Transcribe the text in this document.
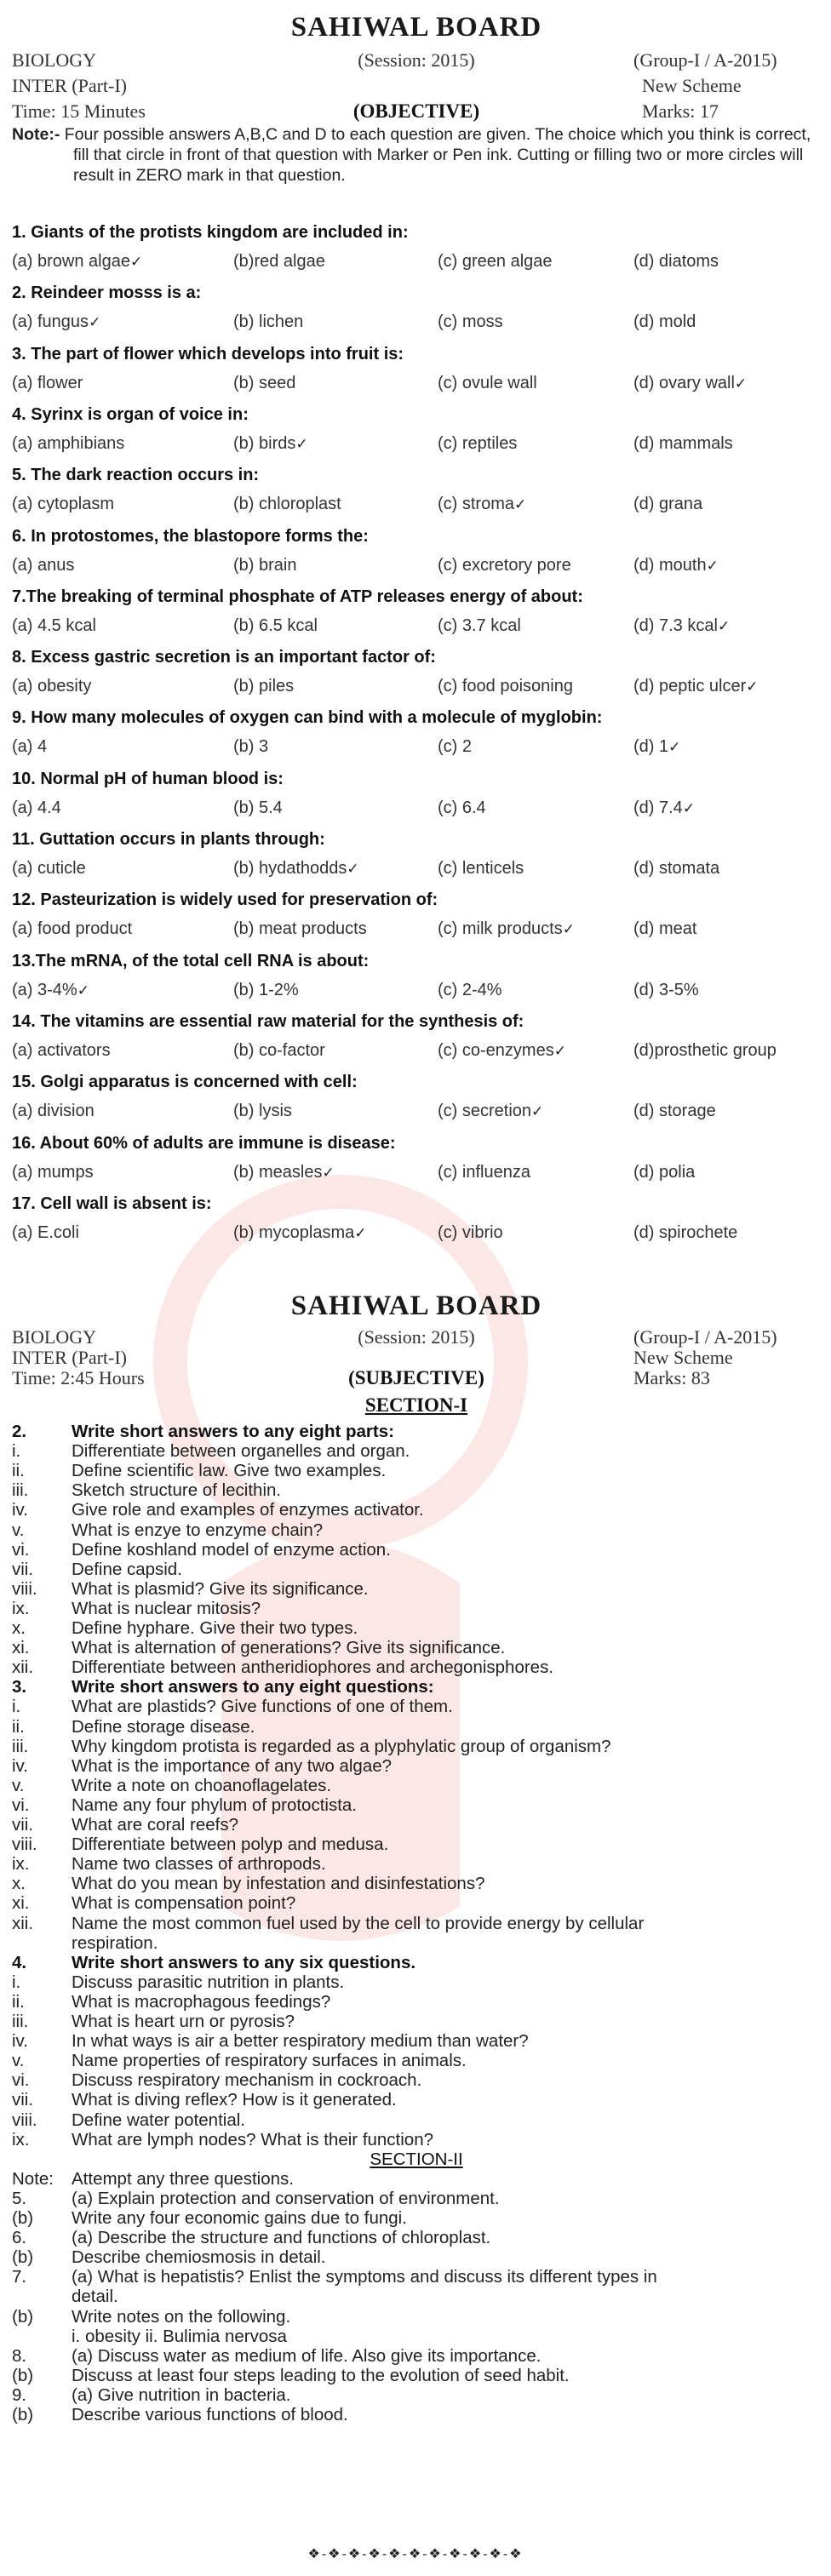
SAHIWAL BOARD
BIOLOGY	(Session: 2015)	(Group-I / A-2015)
INTER (Part-I)	New Scheme
Time: 15 Minutes	(OBJECTIVE)	Marks: 17
Note:- Four possible answers A,B,C and D to each question are given. The choice which you think is correct, fill that circle in front of that question with Marker or Pen ink. Cutting or filling two or more circles will result in ZERO mark in that question.
1. Giants of the protists kingdom are included in:
(a) brown algae✓	(b)red algae	(c) green algae	(d) diatoms
2. Reindeer mosss is a:
(a) fungus✓	(b) lichen	(c) moss	(d) mold
3. The part of flower which develops into fruit is:
(a) flower	(b) seed	(c) ovule wall	(d) ovary wall✓
4. Syrinx is organ of voice in:
(a) amphibians	(b) birds✓	(c) reptiles	(d) mammals
5. The dark reaction occurs in:
(a) cytoplasm	(b) chloroplast	(c) stroma✓	(d) grana
6. In protostomes, the blastopore forms the:
(a) anus	(b) brain	(c) excretory pore	(d) mouth✓
7.The breaking of terminal phosphate of ATP releases energy of about:
(a) 4.5 kcal	(b) 6.5 kcal	(c) 3.7 kcal	(d) 7.3 kcal✓
8. Excess gastric secretion is an important factor of:
(a) obesity	(b) piles	(c) food poisoning	(d) peptic ulcer✓
9. How many molecules of oxygen can bind with a molecule of myglobin:
(a) 4	(b) 3	(c) 2	(d) 1✓
10. Normal pH of human blood is:
(a) 4.4	(b) 5.4	(c) 6.4	(d) 7.4✓
11. Guttation occurs in plants through:
(a) cuticle	(b) hydathodds✓	(c) lenticels	(d) stomata
12. Pasteurization is widely used for preservation of:
(a) food product	(b) meat products	(c) milk products✓	(d) meat
13.The mRNA, of the total cell RNA is about:
(a) 3-4%✓	(b) 1-2%	(c) 2-4%	(d) 3-5%
14. The vitamins are essential raw material for the synthesis of:
(a) activators	(b) co-factor	(c) co-enzymes✓	(d)prosthetic group
15. Golgi apparatus is concerned with cell:
(a) division	(b) lysis	(c) secretion✓	(d) storage
16. About 60% of adults are immune is disease:
(a) mumps	(b) measles✓	(c) influenza	(d) polia
17. Cell wall is absent is:
(a) E.coli	(b) mycoplasma✓	(c) vibrio	(d) spirochete
SAHIWAL BOARD
BIOLOGY	(Session: 2015)	(Group-I / A-2015)
INTER (Part-I)	New Scheme
Time: 2:45 Hours	(SUBJECTIVE)	Marks: 83
SECTION-I
2.	Write short answers to any eight parts:
i.	Differentiate between organelles and organ.
ii.	Define scientific law. Give two examples.
iii.	Sketch structure of lecithin.
iv.	Give role and examples of enzymes activator.
v.	What is enzye to enzyme chain?
vi.	Define koshland model of enzyme action.
vii.	Define capsid.
viii.	What is plasmid? Give its significance.
ix.	What is nuclear mitosis?
x.	Define hyphare. Give their two types.
xi.	What is alternation of generations? Give its significance.
xii.	Differentiate between antheridiophores and archegonisphores.
3.	Write short answers to any eight questions:
i.	What are plastids? Give functions of one of them.
ii.	Define storage disease.
iii.	Why kingdom protista is regarded as a plyphylatic group of organism?
iv.	What is the importance of any two algae?
v.	Write a note on choanoflagelates.
vi.	Name any four phylum of protoctista.
vii.	What are coral reefs?
viii.	Differentiate between polyp and medusa.
ix.	Name two classes of arthropods.
x.	What do you mean by infestation and disinfestations?
xi.	What is compensation point?
xii.	Name the most common fuel used by the cell to provide energy by cellular
respiration.
4.	Write short answers to any six questions.
i.	Discuss parasitic nutrition in plants.
ii.	What is macrophagous feedings?
iii.	What is heart urn or pyrosis?
iv.	In what ways is air a better respiratory medium than water?
v.	Name properties of respiratory surfaces in animals.
vi.	Discuss respiratory mechanism in cockroach.
vii.	What is diving reflex? How is it generated.
viii.	Define water potential.
ix.	What are lymph nodes? What is their function?
SECTION-II
Note:	Attempt any three questions.
5.	(a) Explain protection and conservation of environment.
(b)	Write any four economic gains due to fungi.
6.	(a) Describe the structure and functions of chloroplast.
(b)	Describe chemiosmosis in detail.
7.	(a) What is hepatistis? Enlist the symptoms and discuss its different types in
detail.
(b)	Write notes on the following.
i. obesity ii. Bulimia nervosa
8.	(a) Discuss water as medium of life. Also give its importance.
(b)	Discuss at least four steps leading to the evolution of seed habit.
9.	(a) Give nutrition in bacteria.
(b)	Describe various functions of blood.
❖-❖-❖-❖-❖-❖-❖-❖-❖-❖-❖
